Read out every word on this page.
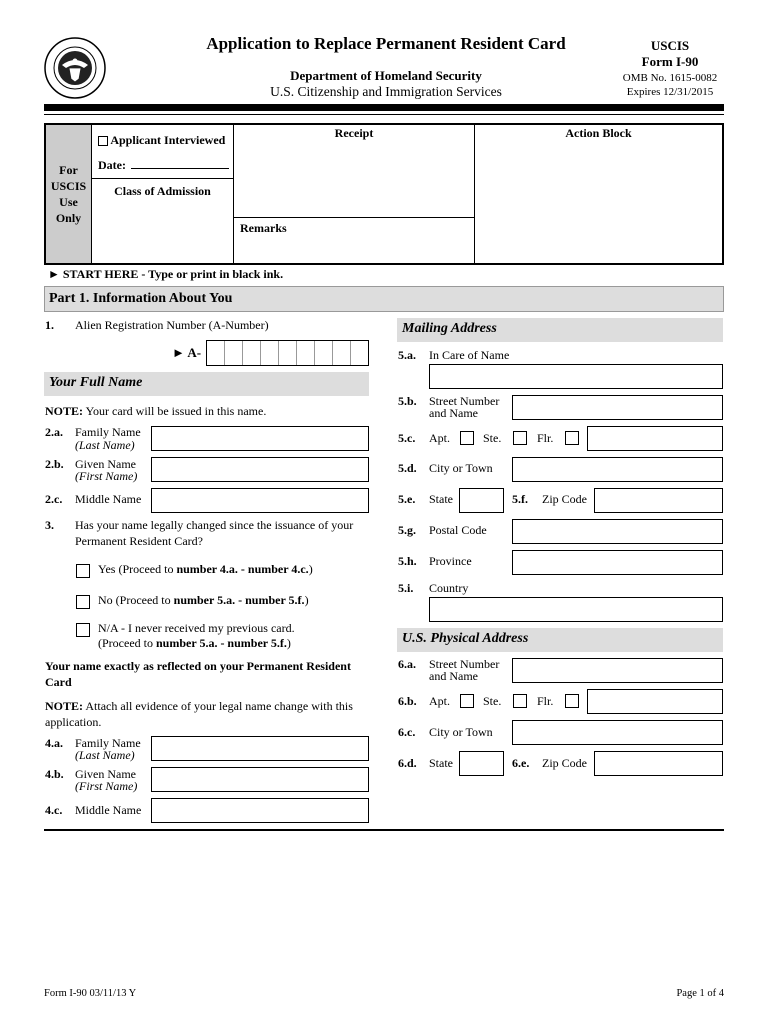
Application to Replace Permanent Resident Card
Department of Homeland Security
U.S. Citizenship and Immigration Services
USCIS
Form I-90
OMB No. 1615-0082
Expires 12/31/2015
For USCIS Use Only
Applicant Interviewed
Date:
Class of Admission
Receipt
Remarks
Action Block
► START HERE - Type or print in black ink.
Part 1. Information About You
1. Alien Registration Number (A-Number)
► A-
Your Full Name
NOTE: Your card will be issued in this name.
2.a. Family Name
(Last Name)
2.b. Given Name
(First Name)
2.c. Middle Name
3. Has your name legally changed since the issuance of your Permanent Resident Card?
Yes (Proceed to number 4.a. - number 4.c.)
No (Proceed to number 5.a. - number 5.f.)
N/A - I never received my previous card.
(Proceed to number 5.a. - number 5.f.)
Your name exactly as reflected on your Permanent Resident Card
NOTE: Attach all evidence of your legal name change with this application.
4.a. Family Name
(Last Name)
4.b. Given Name
(First Name)
4.c. Middle Name
Mailing Address
5.a. In Care of Name
5.b. Street Number
and Name
5.c. Apt.	Ste.	Flr.
5.d. City or Town
5.e. State	5.f. Zip Code
5.g. Postal Code
5.h. Province
5.i. Country
U.S. Physical Address
6.a. Street Number
and Name
6.b. Apt.	Ste.	Flr.
6.c. City or Town
6.d. State	6.e. Zip Code
Form I-90 03/11/13 Y	Page 1 of 4
